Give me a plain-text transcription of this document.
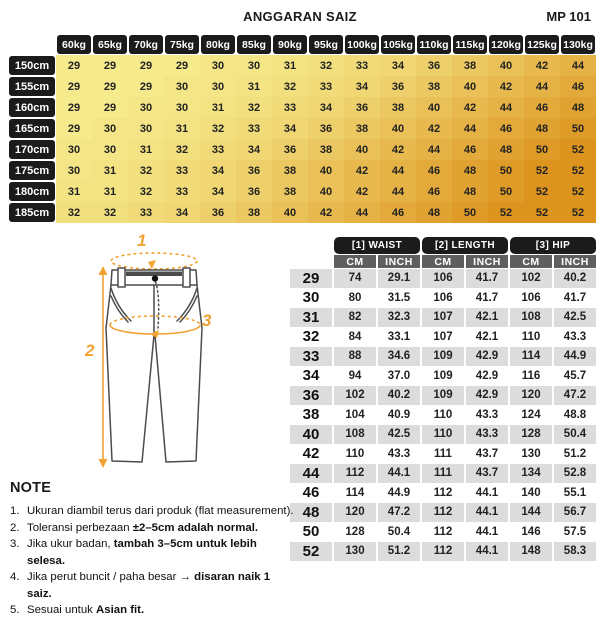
ANGGARAN SAIZ	MP 101
	60kg	65kg	70kg	75kg	80kg	85kg	90kg	95kg	100kg	105kg	110kg	115kg	120kg	125kg	130kg
150cm	29	29	29	29	30	30	31	32	33	34	36	38	40	42	44
155cm	29	29	29	30	30	31	32	33	34	36	38	40	42	44	46
160cm	29	29	30	30	31	32	33	34	36	38	40	42	44	46	48
165cm	29	30	30	31	32	33	34	36	38	40	42	44	46	48	50
170cm	30	30	31	32	33	34	36	38	40	42	44	46	48	50	52
175cm	30	31	32	33	34	36	38	40	42	44	46	48	50	52	52
180cm	31	31	32	33	34	36	38	40	42	44	46	48	50	52	52
185cm	32	32	33	34	36	38	40	42	44	46	48	50	52	52	52
1
2
3
	[1] WAIST		[2] LENGTH		[3] HIP	
	CM	INCH	CM	INCH	CM	INCH
29	74	29.1	106	41.7	102	40.2
30	80	31.5	106	41.7	106	41.7
31	82	32.3	107	42.1	108	42.5
32	84	33.1	107	42.1	110	43.3
33	88	34.6	109	42.9	114	44.9
34	94	37.0	109	42.9	116	45.7
36	102	40.2	109	42.9	120	47.2
38	104	40.9	110	43.3	124	48.8
40	108	42.5	110	43.3	128	50.4
42	110	43.3	111	43.7	130	51.2
44	112	44.1	111	43.7	134	52.8
46	114	44.9	112	44.1	140	55.1
48	120	47.2	112	44.1	144	56.7
50	128	50.4	112	44.1	146	57.5
52	130	51.2	112	44.1	148	58.3
NOTE
1. Ukuran diambil terus dari produk (flat measurement).
2. Toleransi perbezaan ±2–5cm adalah normal.
3. Jika ukur badan, tambah 3–5cm untuk lebih selesa.
4. Jika perut buncit / paha besar → disaran naik 1 saiz.
5. Sesuai untuk Asian fit.
